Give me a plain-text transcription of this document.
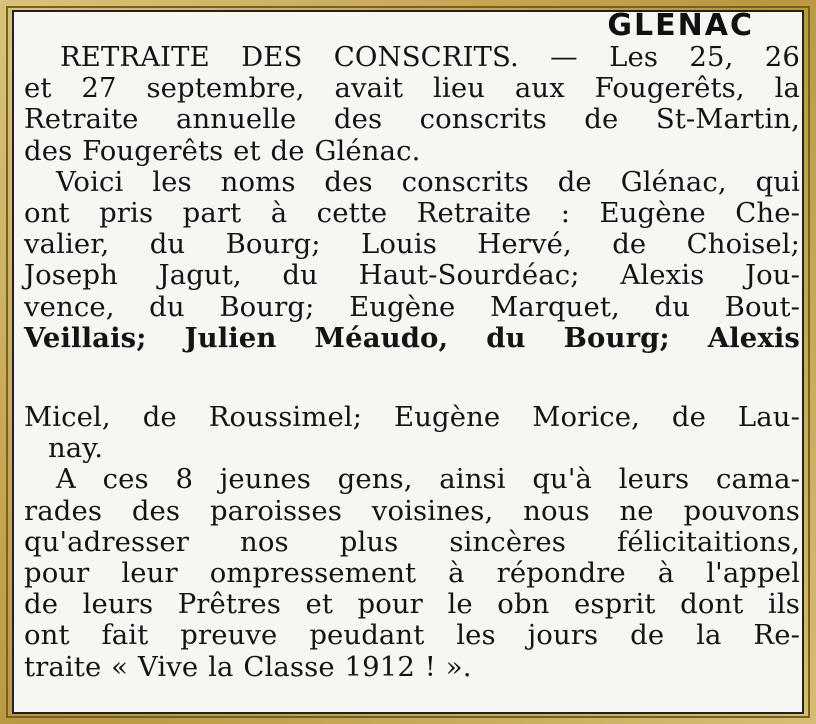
GLENAC
RETRAITE DES CONSCRITS. — Les 25, 26
et 27 septembre, avait lieu aux Fougerêts, la
Retraite annuelle des conscrits de St-Martin,
des Fougerêts et de Glénac.
Voici les noms des conscrits de Glénac, qui
ont pris part à cette Retraite : Eugène Che-
valier, du Bourg; Louis Hervé, de Choisel;
Joseph Jagut, du Haut-Sourdéac; Alexis Jou-
vence, du Bourg; Eugène Marquet, du Bout-
Veillais; Julien Méaudo, du Bourg; Alexis
Micel, de Roussimel; Eugène Morice, de Lau-
nay.
A ces 8 jeunes gens, ainsi qu'à leurs cama-
rades des paroisses voisines, nous ne pouvons
qu'adresser nos plus sincères félicitaitions,
pour leur ompressement à répondre à l'appel
de leurs Prêtres et pour le obn esprit dont ils
ont fait preuve peudant les jours de la Re-
traite « Vive la Classe 1912 ! ».
